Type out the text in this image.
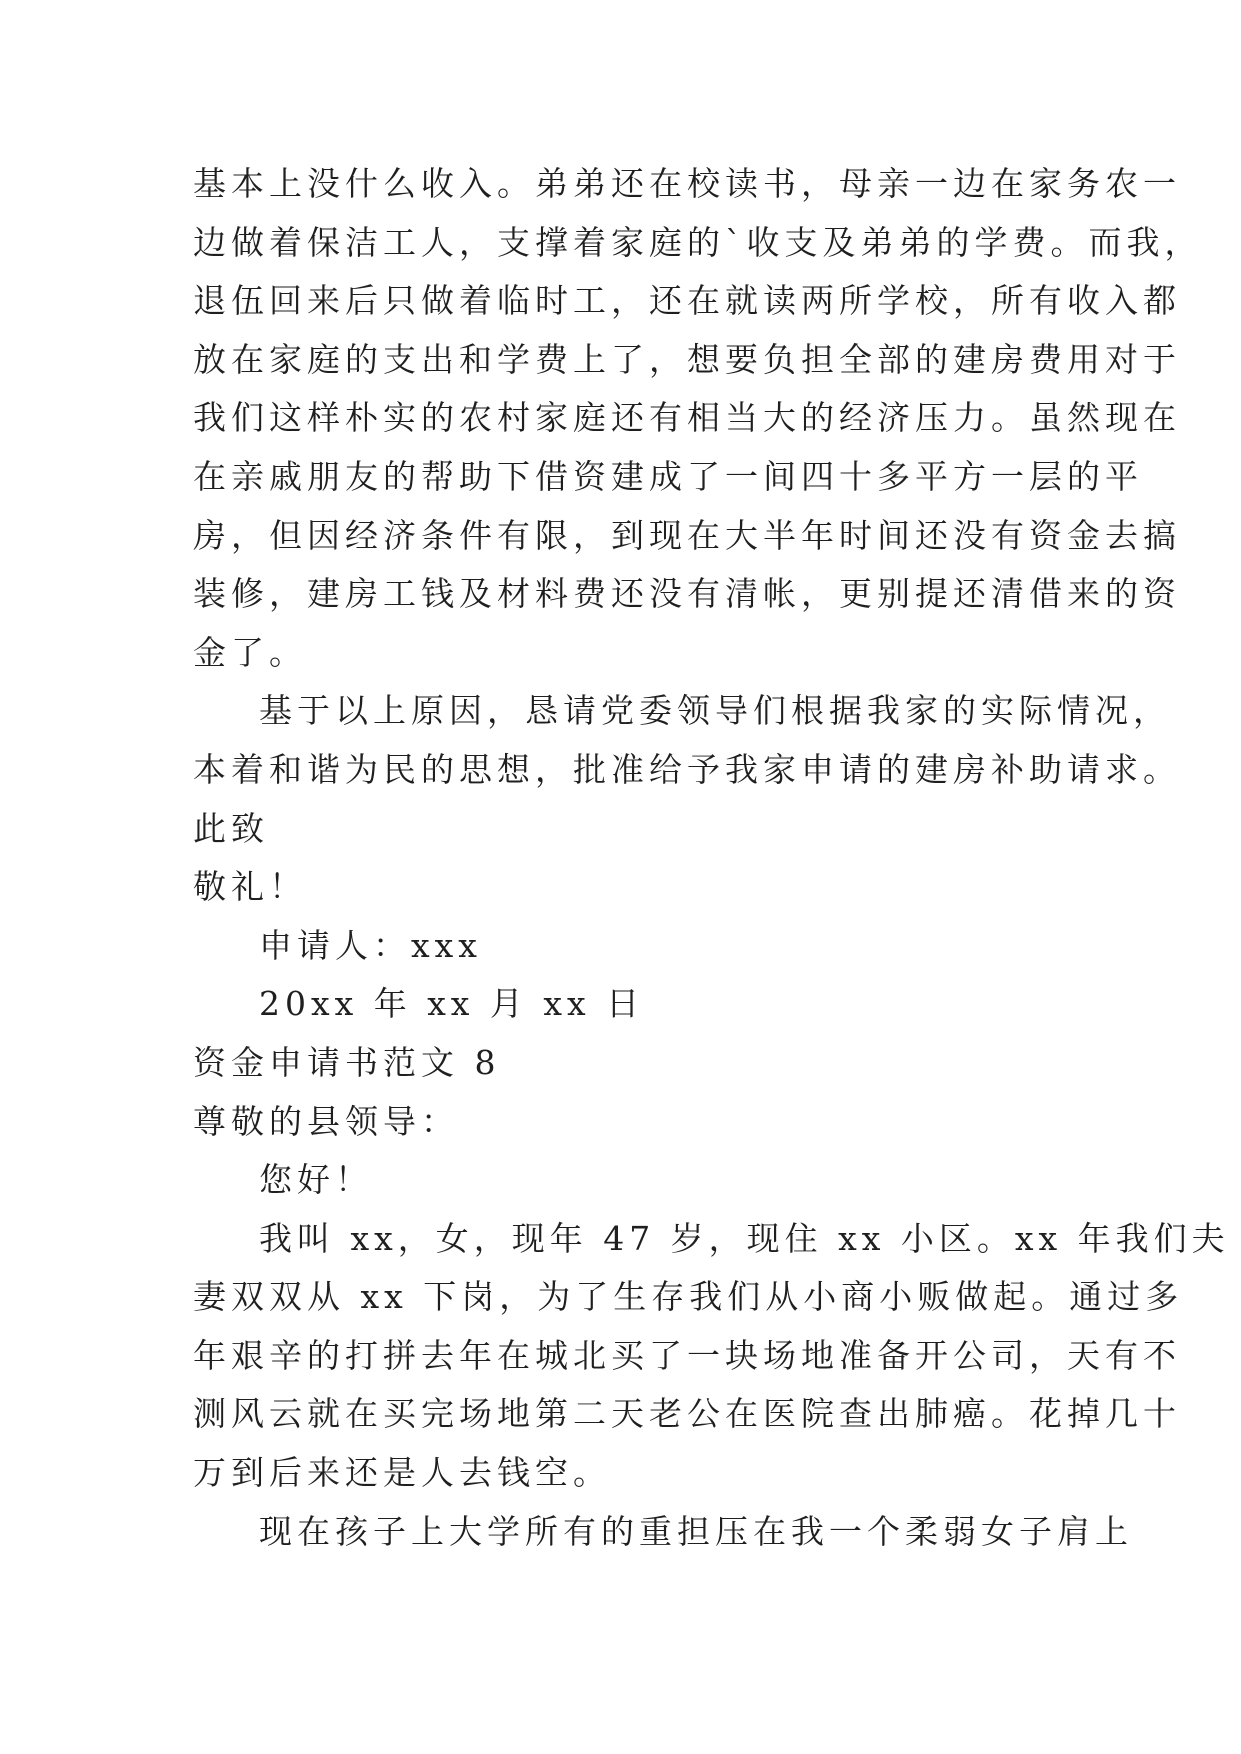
基本上没什么收入。弟弟还在校读书，母亲一边在家务农一

边做着保洁工人，支撑着家庭的`收支及弟弟的学费。而我，

退伍回来后只做着临时工，还在就读两所学校，所有收入都

放在家庭的支出和学费上了，想要负担全部的建房费用对于

我们这样朴实的农村家庭还有相当大的经济压力。虽然现在

在亲戚朋友的帮助下借资建成了一间四十多平方一层的平

房，但因经济条件有限，到现在大半年时间还没有资金去搞

装修，建房工钱及材料费还没有清帐，更别提还清借来的资

金了。

基于以上原因，恳请党委领导们根据我家的实际情况，

本着和谐为民的思想，批准给予我家申请的建房补助请求。

此致

敬礼！

申请人：xxx

20xx 年 xx 月 xx 日

资金申请书范文 8

尊敬的县领导：

您好！

我叫 xx，女，现年 47 岁，现住 xx 小区。xx 年我们夫

妻双双从 xx 下岗，为了生存我们从小商小贩做起。通过多

年艰辛的打拼去年在城北买了一块场地准备开公司，天有不

测风云就在买完场地第二天老公在医院查出肺癌。花掉几十

万到后来还是人去钱空。

现在孩子上大学所有的重担压在我一个柔弱女子肩上
